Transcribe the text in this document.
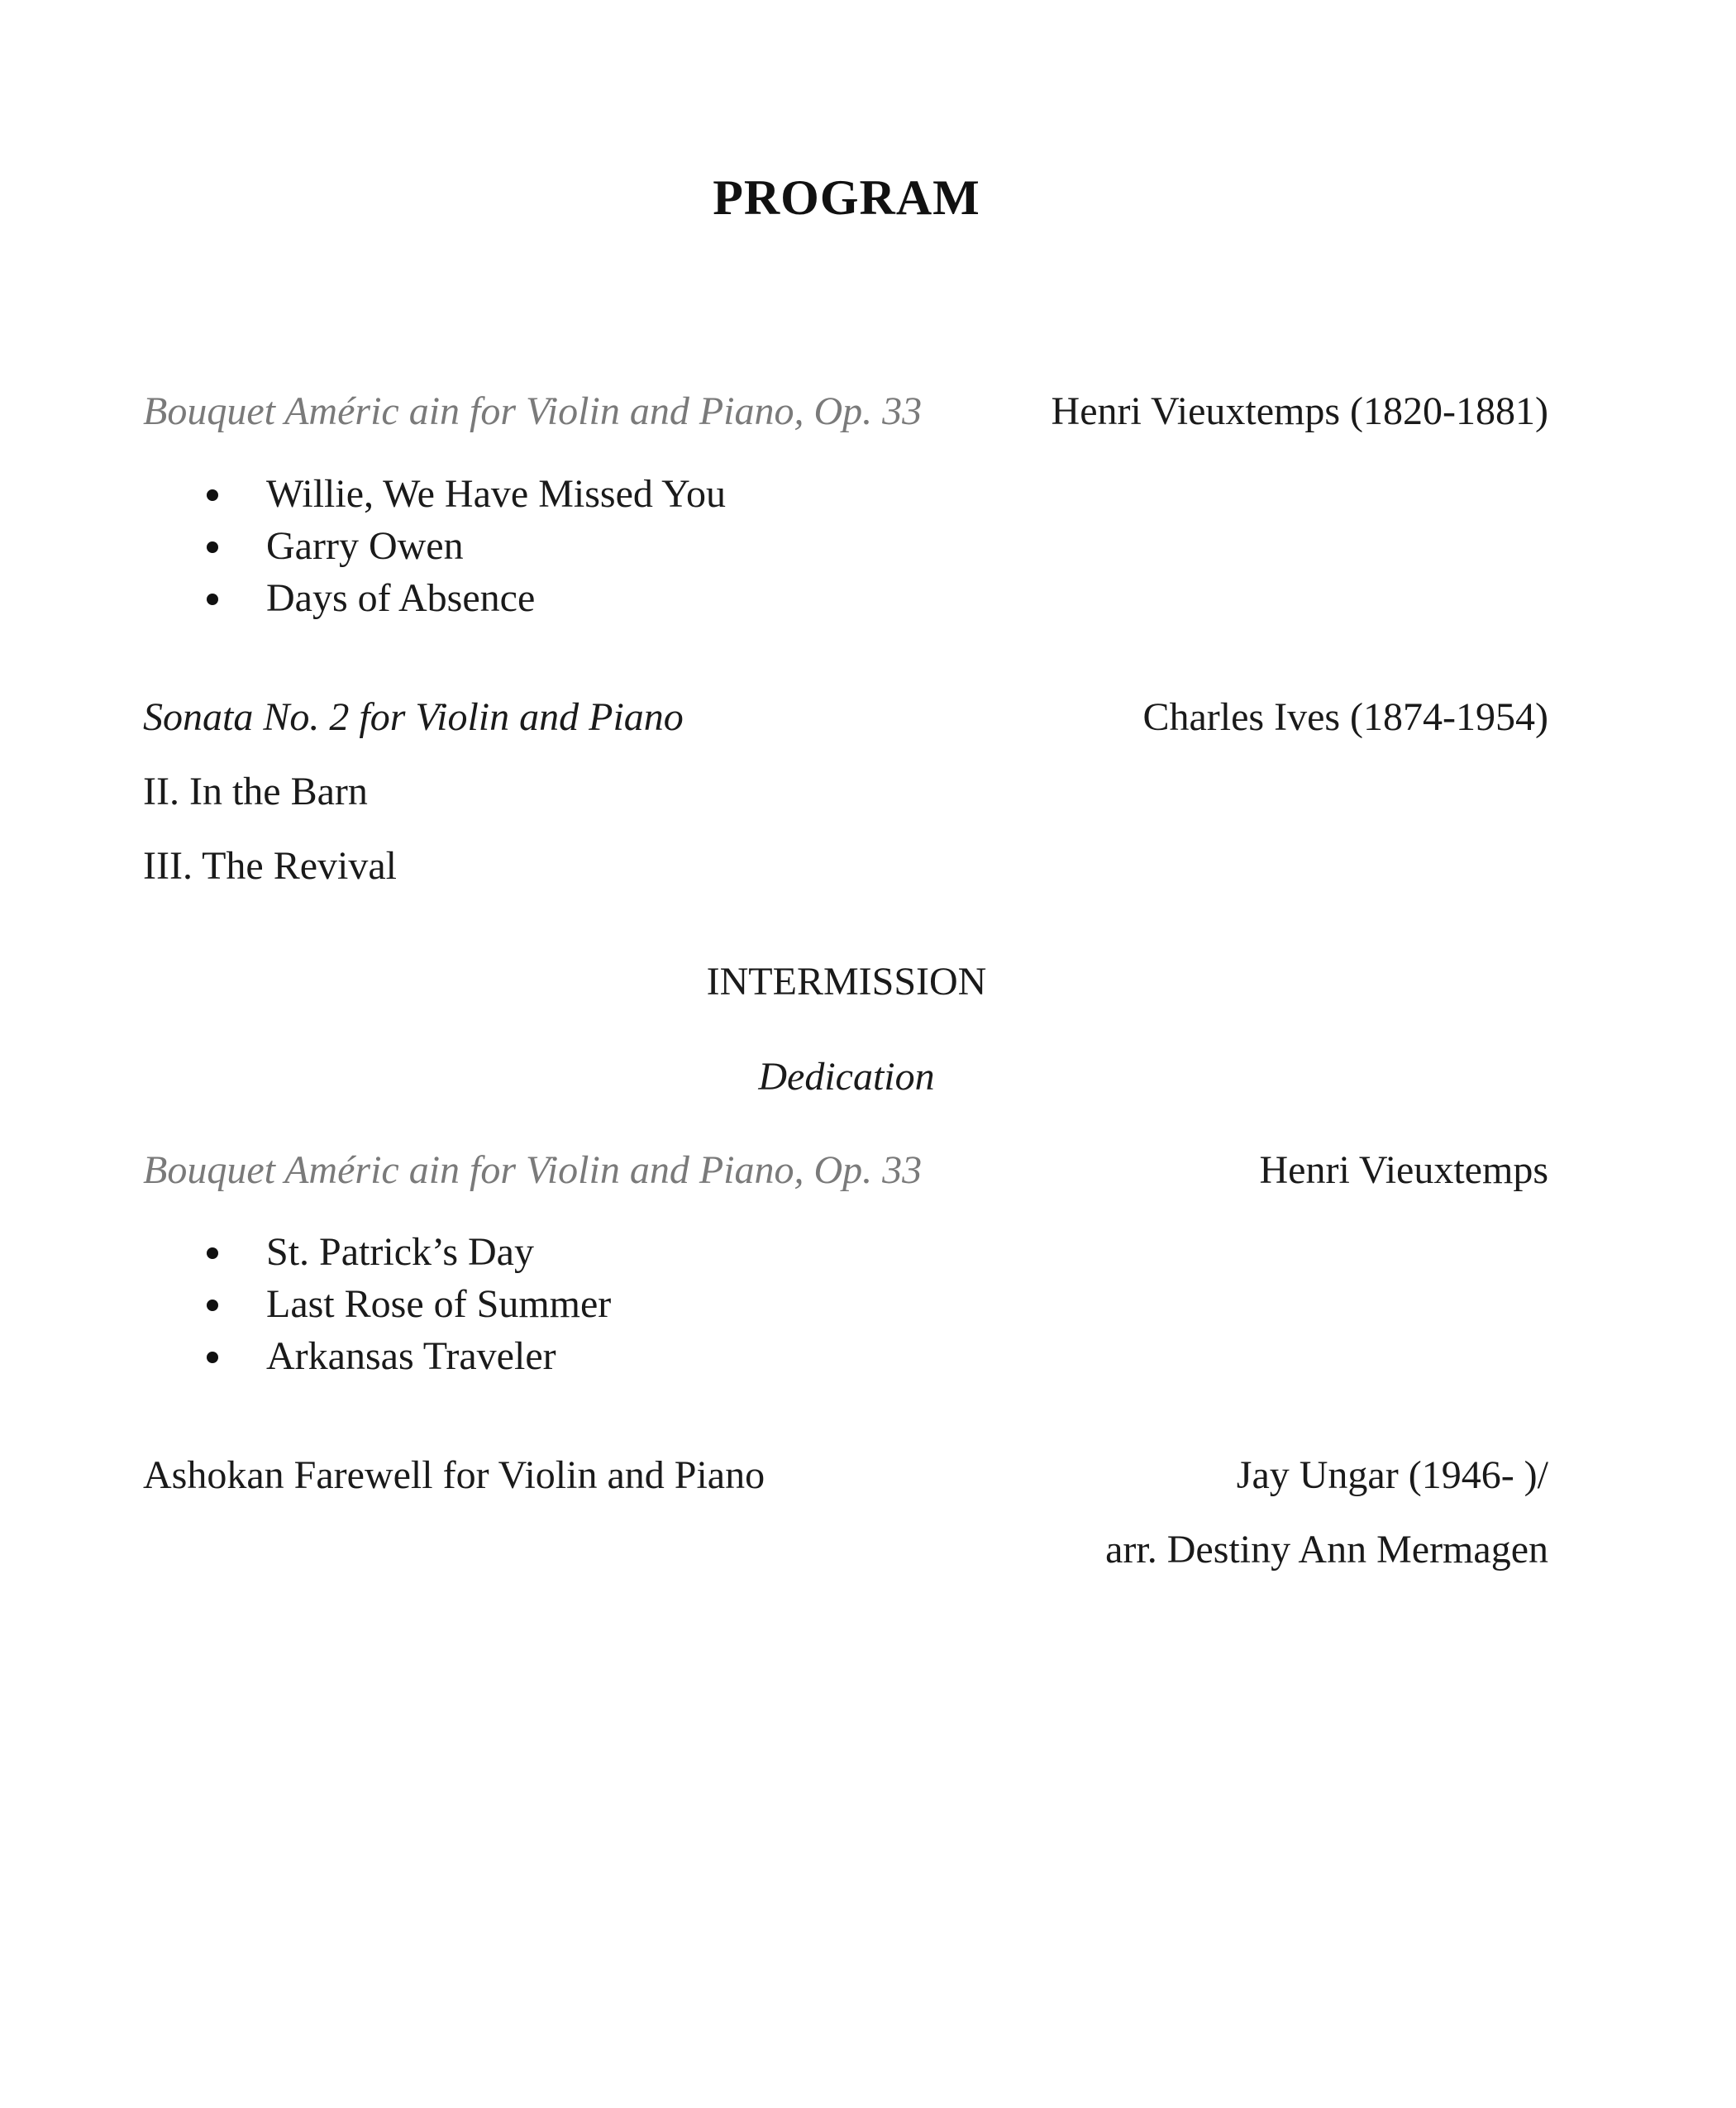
PROGRAM
Bouquet Améric ain for Violin and Piano, Op. 33	Henri Vieuxtemps (1820-1881)
Willie, We Have Missed You
Garry Owen
Days of Absence
Sonata No. 2 for Violin and Piano	Charles Ives (1874-1954)
II. In the Barn
III. The Revival
INTERMISSION
Dedication
Bouquet Améric ain for Violin and Piano, Op. 33	Henri Vieuxtemps
St. Patrick’s Day
Last Rose of Summer
Arkansas Traveler
Ashokan Farewell for Violin and Piano	Jay Ungar (1946- )/
arr. Destiny Ann Mermagen
